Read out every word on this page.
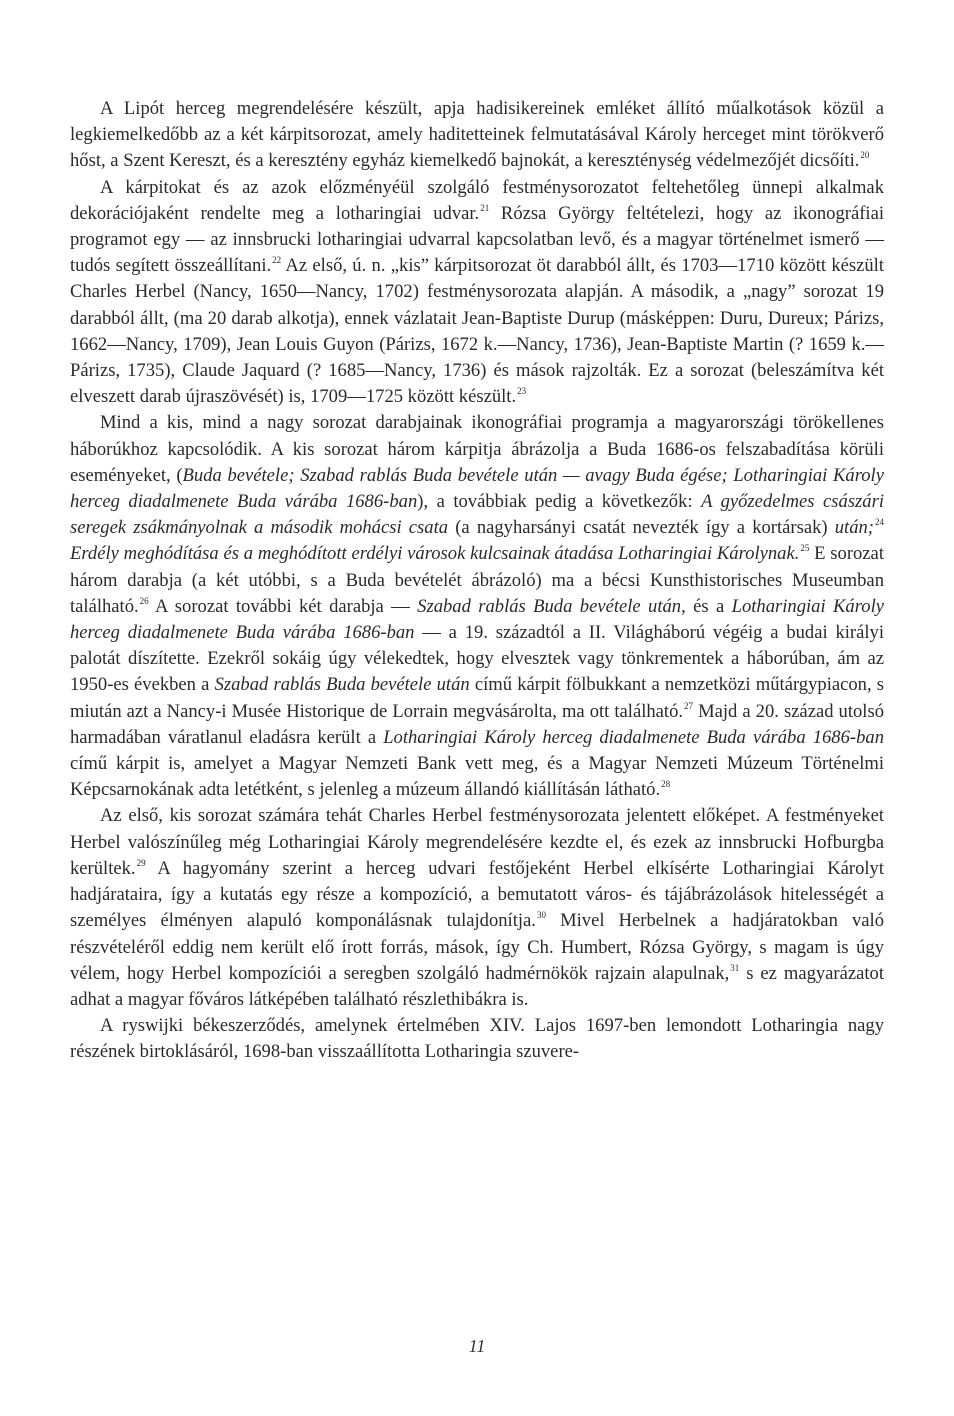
A Lipót herceg megrendelésére készült, apja hadisikereinek emléket állító műalkotások közül a legkiemelkedőbb az a két kárpitsorozat, amely haditetteinek felmutatásával Károly herceget mint törökverő hőst, a Szent Kereszt, és a keresztény egyház kiemelkedő bajnokát, a kereszténység védelmezőjét dicsőíti.$^{20}$

A kárpitokat és az azok előzményéül szolgáló festménysorozatot feltehetőleg ünnepi alkalmak dekorációjaként rendelte meg a lotharingiai udvar.$^{21}$ Rózsa György feltételezi, hogy az ikonográfiai programot egy — az innsbrucki lotharingiai udvarral kapcsolatban levő, és a magyar történelmet ismerő — tudós segített összeállítani.$^{22}$ Az első, ú. n. „kis” kárpitsorozat öt darabból állt, és 1703—1710 között készült Charles Herbel (Nancy, 1650—Nancy, 1702) festménysorozata alapján. A második, a „nagy” sorozat 19 darabból állt, (ma 20 darab alkotja), ennek vázlatait Jean-Baptiste Durup (másképpen: Duru, Dureux; Párizs, 1662—Nancy, 1709), Jean Louis Guyon (Párizs, 1672 k.—Nancy, 1736), Jean-Baptiste Martin (? 1659 k.—Párizs, 1735), Claude Jaquard (? 1685—Nancy, 1736) és mások rajzolták. Ez a sorozat (beleszámítva két elveszett darab újraszövését) is, 1709—1725 között készült.$^{23}$

Mind a kis, mind a nagy sorozat darabjainak ikonográfiai programja a magyarországi törökellenes háborúkhoz kapcsolódik. A kis sorozat három kárpitja ábrázolja a Buda 1686-os felszabadítása körüli eseményeket, (Buda bevétele; Szabad rablás Buda bevétele után — avagy Buda égése; Lotharingiai Károly herceg diadalmenete Buda várába 1686-ban), a továbbiak pedig a következők: A győzedelmes császári seregek zsákmányolnak a második mohácsi csata (a nagyharsányi csatát nevezték így a kortársak) után;$^{24}$ Erdély meghódítása és a meghódított erdélyi városok kulcsainak átadása Lotharingiai Károlynak.$^{25}$ E sorozat három darabja (a két utóbbi, s a Buda bevételét ábrázoló) ma a bécsi Kunsthistorisches Museumban található.$^{26}$ A sorozat további két darabja — Szabad rablás Buda bevétele után, és a Lotharingiai Károly herceg diadalmenete Buda várába 1686-ban — a 19. századtól a II. Világháború végéig a budai királyi palotát díszítette. Ezekről sokáig úgy vélekedtek, hogy elvesztek vagy tönkrementek a háborúban, ám az 1950-es években a Szabad rablás Buda bevétele után című kárpit fölbukkant a nemzetközi műtárgypiacon, s miután azt a Nancy-i Musée Historique de Lorrain megvásárolta, ma ott található.$^{27}$ Majd a 20. század utolsó harmadában váratlanul eladásra került a Lotharingiai Károly herceg diadalmenete Buda várába 1686-ban című kárpit is, amelyet a Magyar Nemzeti Bank vett meg, és a Magyar Nemzeti Múzeum Történelmi Képcsarnokának adta letétként, s jelenleg a múzeum állandó kiállításán látható.$^{28}$

Az első, kis sorozat számára tehát Charles Herbel festménysorozata jelentett előképet. A festményeket Herbel valószínűleg még Lotharingiai Károly megrendelésére kezdte el, és ezek az innsbrucki Hofburgba kerültek.$^{29}$ A hagyomány szerint a herceg udvari festőjeként Herbel elkísérte Lotharingiai Károlyt hadjárataira, így a kutatás egy része a kompozíció, a bemutatott város- és tájábrázolások hitelességét a személyes élményen alapuló komponálásnak tulajdonítja.$^{30}$ Mivel Herbelnek a hadjáratokban való részvételéről eddig nem került elő írott forrás, mások, így Ch. Humbert, Rózsa György, s magam is úgy vélem, hogy Herbel kompozíciói a seregben szolgáló hadmérnökök rajzain alapulnak,$^{31}$ s ez magyarázatot adhat a magyar főváros látképében található részlethibákra is.

A ryswijki békeszerződés, amelynek értelmében XIV. Lajos 1697-ben lemondott Lotharingia nagy részének birtoklásáról, 1698-ban visszaállította Lotharingia szuvere-

11
